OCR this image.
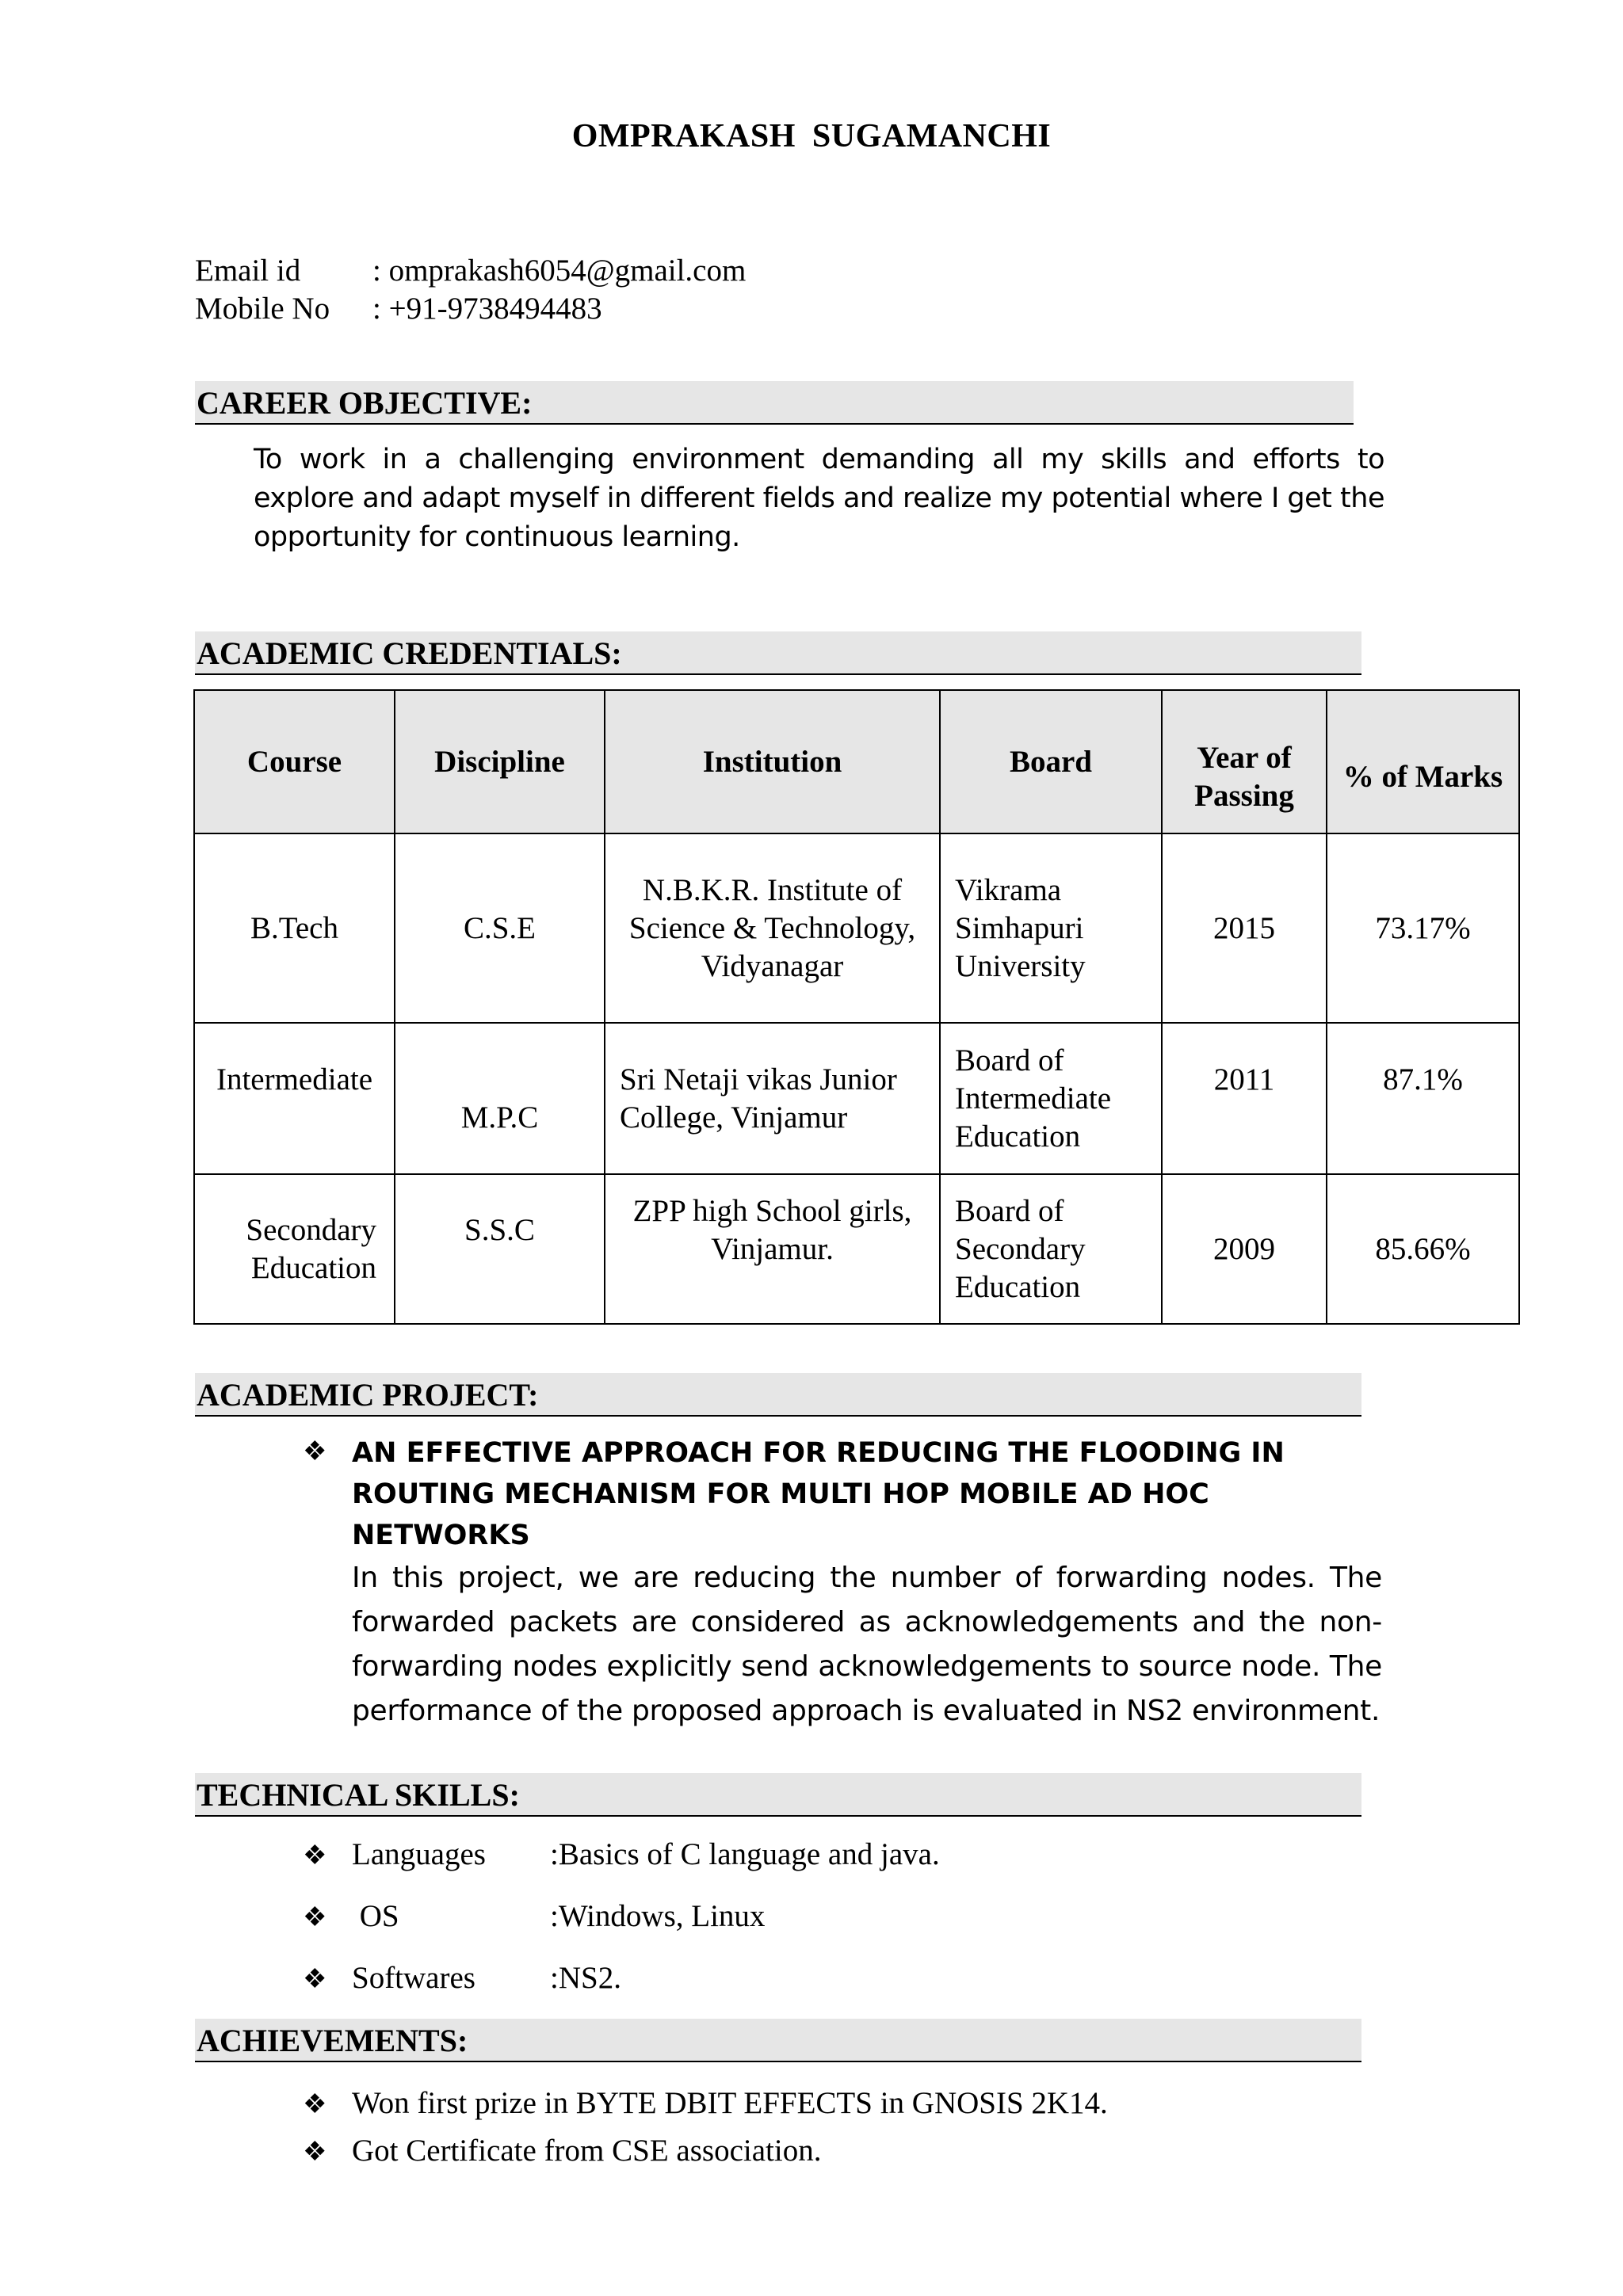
OMPRAKASH SUGAMANCHI
Email id : omprakash6054@gmail.com
Mobile No : +91-9738494483
CAREER OBJECTIVE:
To work in a challenging environment demanding all my skills and efforts to explore and adapt myself in different fields and realize my potential where I get the opportunity for continuous learning.
ACADEMIC CREDENTIALS:
Course	Discipline	Institution	Board	Year of Passing	% of Marks
B.Tech	C.S.E	N.B.K.R. Institute of Science & Technology, Vidyanagar	Vikrama Simhapuri University	2015	73.17%
Intermediate	M.P.C	Sri Netaji vikas Junior College, Vinjamur	Board of Intermediate Education	2011	87.1%
Secondary Education	S.S.C	ZPP high School girls, Vinjamur.	Board of Secondary Education	2009	85.66%
ACADEMIC PROJECT:
❖ AN EFFECTIVE APPROACH FOR REDUCING THE FLOODING IN ROUTING MECHANISM FOR MULTI HOP MOBILE AD HOC NETWORKS
In this project, we are reducing the number of forwarding nodes. The forwarded packets are considered as acknowledgements and the non-forwarding nodes explicitly send acknowledgements to source node. The performance of the proposed approach is evaluated in NS2 environment.
TECHNICAL SKILLS:
❖ Languages :Basics of C language and java.
❖ OS	:Windows, Linux
❖ Softwares :NS2.
ACHIEVEMENTS:
❖ Won first prize in BYTE DBIT EFFECTS in GNOSIS 2K14.
❖ Got Certificate from CSE association.
